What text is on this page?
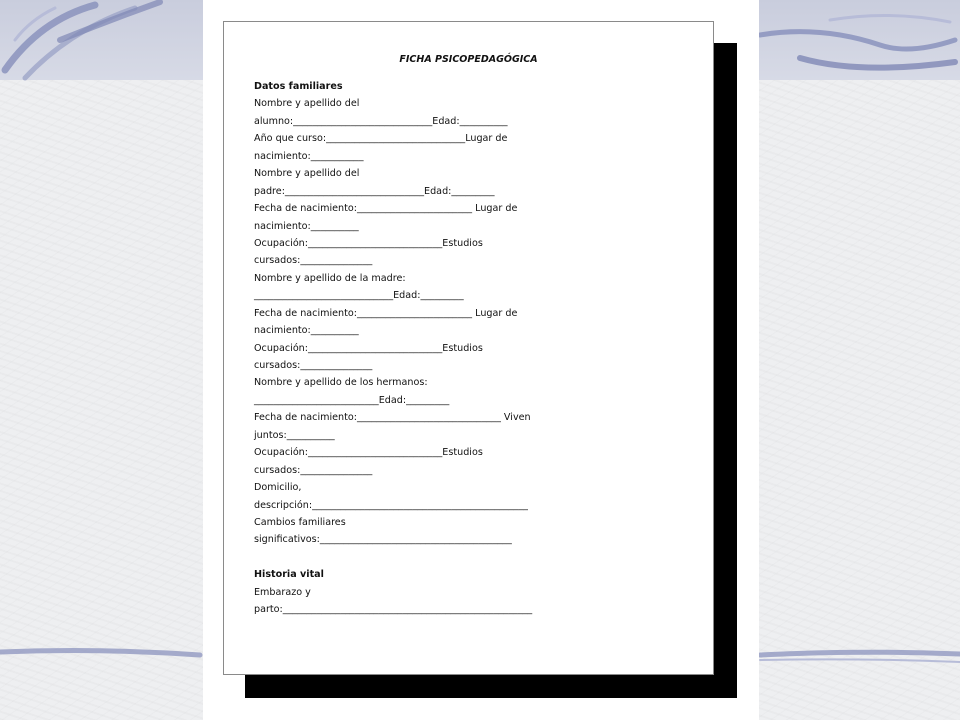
FICHA PSICOPEDAGÓGICA
Datos familiares
Nombre y apellido del
alumno:_____________________________Edad:__________
Año que curso:_____________________________Lugar de
nacimiento:___________
Nombre y apellido del
padre:_____________________________Edad:_________
Fecha de nacimiento:________________________ Lugar de
nacimiento:__________
Ocupación:____________________________Estudios
cursados:_______________
Nombre y apellido de la madre:
_____________________________Edad:_________
Fecha de nacimiento:________________________ Lugar de
nacimiento:__________
Ocupación:____________________________Estudios
cursados:_______________
Nombre y apellido de los hermanos:
__________________________Edad:_________
Fecha de nacimiento:______________________________ Viven
juntos:__________
Ocupación:____________________________Estudios
cursados:_______________
Domicilio,
descripción:_____________________________________________
Cambios familiares
significativos:________________________________________
Historia vital
Embarazo y
parto:____________________________________________________
